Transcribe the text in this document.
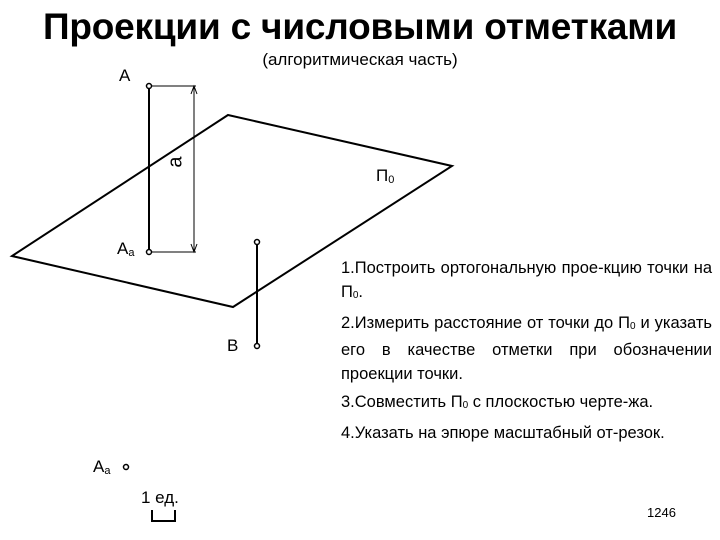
Проекции с числовыми отметками
(алгоритмическая часть)
A
$A_a$
a
$П_0$
B
$A_a$
1 ед.

1.Построить ортогональную прое-кцию точки на $П_0$.

2.Измерить расстояние от точки до $П_0$ и указать его в качестве отметки при обозначении проекции точки.

3.Совместить $П_0$ с плоскостью черте-жа.

4.Указать на эпюре масштабный от-резок.

1246
